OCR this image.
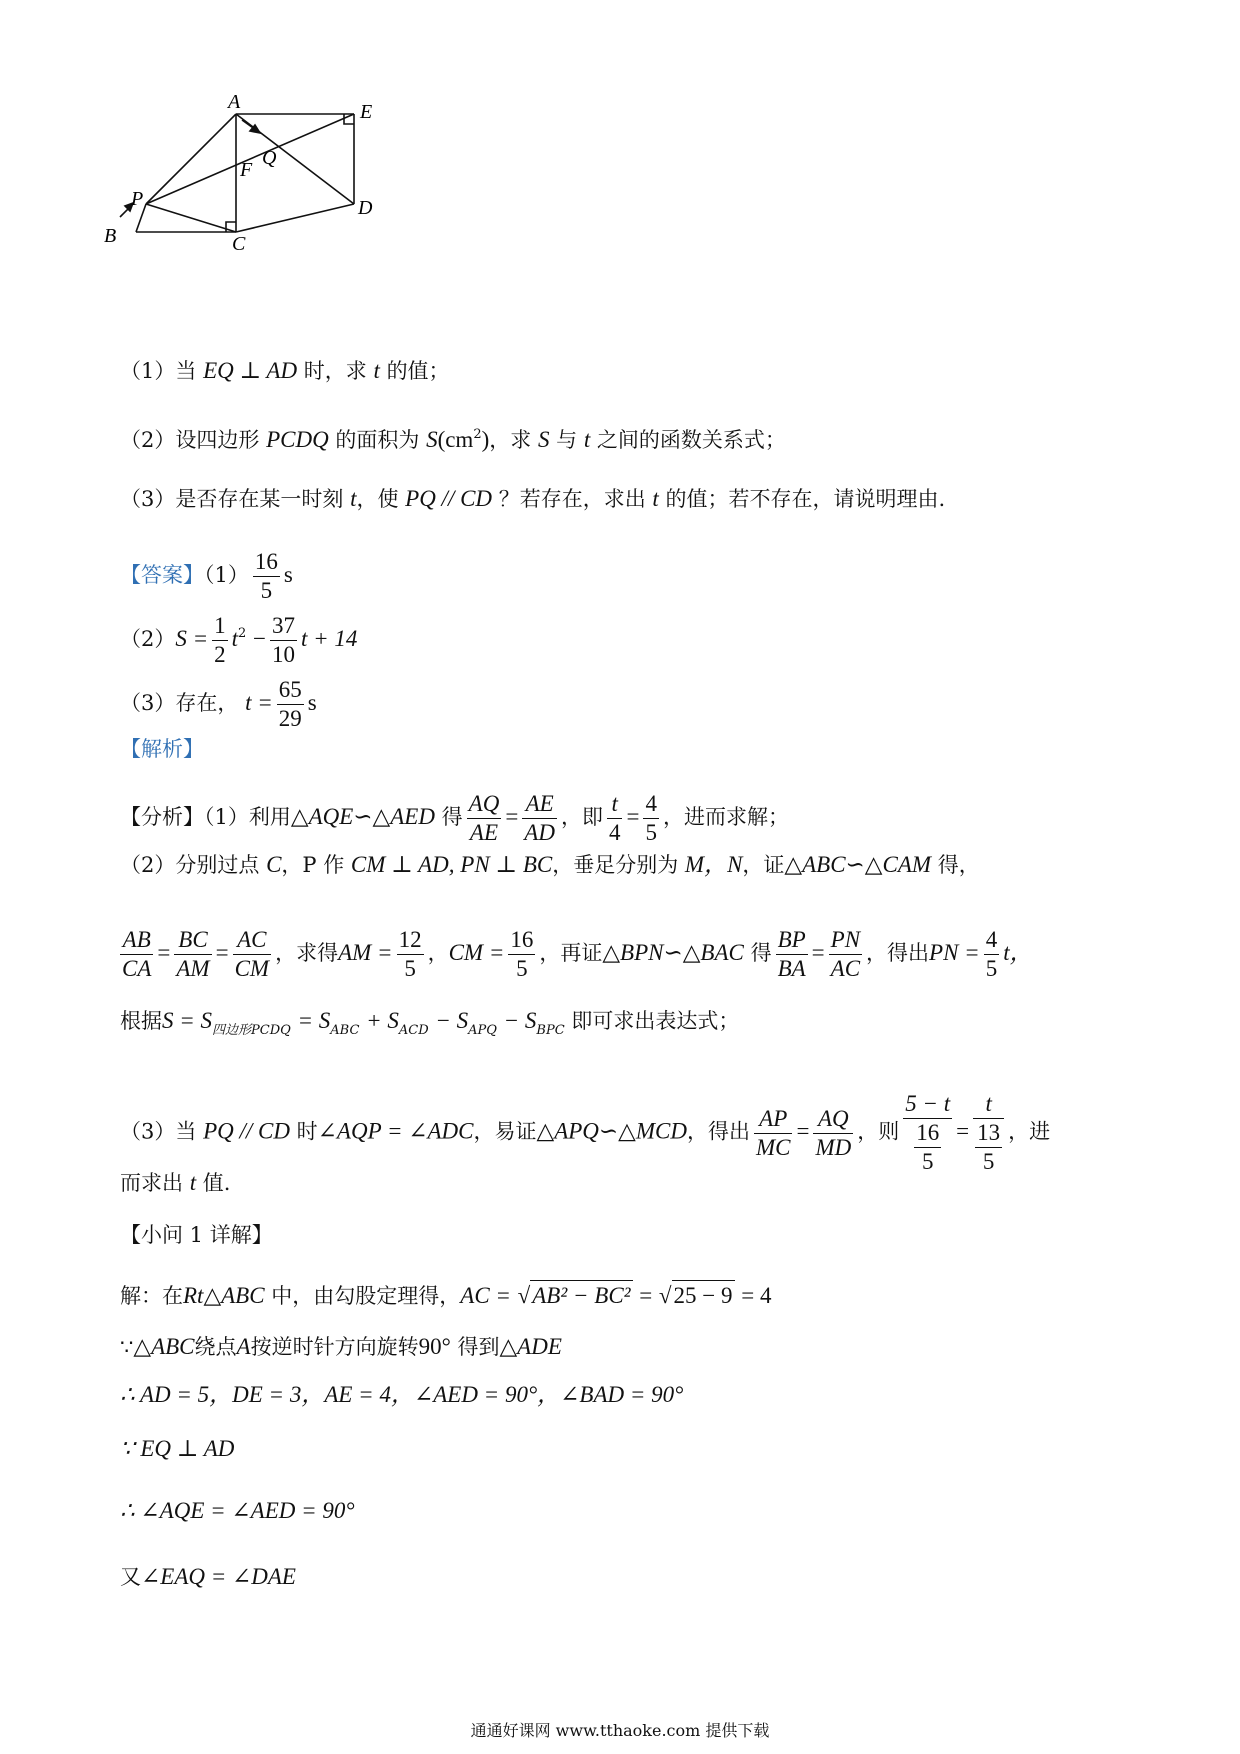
A
B	C
D
E
F
P
Q
（1）当 EQ ⊥ AD 时，求 t 的值；
（2）设四边形 PCDQ 的面积为 $S(cm^2)$，求 S 与 t 之间的函数关系式；
（3）是否存在某一时刻 t，使 PQ // CD ？若存在，求出 t 的值；若不存在，请说明理由.
【答案】$(1) \frac{16}{5}$ s
$(2)S = \frac{1}{2} t^2 - \frac{37}{10}$ t + 14
（3）存在， $t = \frac{65}{29}$ s
【解析】
【分析】（1）利用△AQE∽△AED 得 $\frac{AQ}{AE} = \frac{AE}{AD}$ ，即 $\frac{t}{4} = \frac{4}{5}$ ，进而求解；
（2）分别过点 C，P 作 CM ⊥ AD, PN ⊥ BC，垂足分别为 M，N，证△ABC∽△CAM 得，
$\frac{AB}{CA} = \frac{BC}{AM} = \frac{AC}{CM}$ ，求得AM = $\frac{12}{5}$ ，CM = $\frac{16}{5}$ ，再证△BPN∽△BAC 得 $\frac{BP}{BA} = \frac{PN}{AC}$ ，得出PN = $\frac{4}{5}$ t，
根据$S = S_{四边形PCDQ} = S_{ABC} + S_{ACD} - S_{APQ} - S_{BPC}$ 即可求出表达式；
（3）当 PQ // CD 时∠AQP = ∠ADC，易证△APQ∽△MCD，得出 $\frac{AP}{MC} = \frac{AQ}{MD}$ ，则 $\frac{5 - t}{\frac{16}{5}} = \frac{t}{\frac{13}{5}}$ ，进
而求出 t 值.
【小问 1 详解】
解：在Rt△ABC 中，由勾股定理得，AC = √AB² − BC² = √25 − 9 = 4
∵△ABC绕点A按逆时针方向旋转90° 得到△ADE
∴ AD = 5，DE = 3，AE = 4，∠AED = 90°，∠BAD = 90°
∵ EQ ⊥ AD
∴ ∠AQE = ∠AED = 90°
又∠EAQ = ∠DAE
通通好课网 www.tthaoke.com 提供下载
